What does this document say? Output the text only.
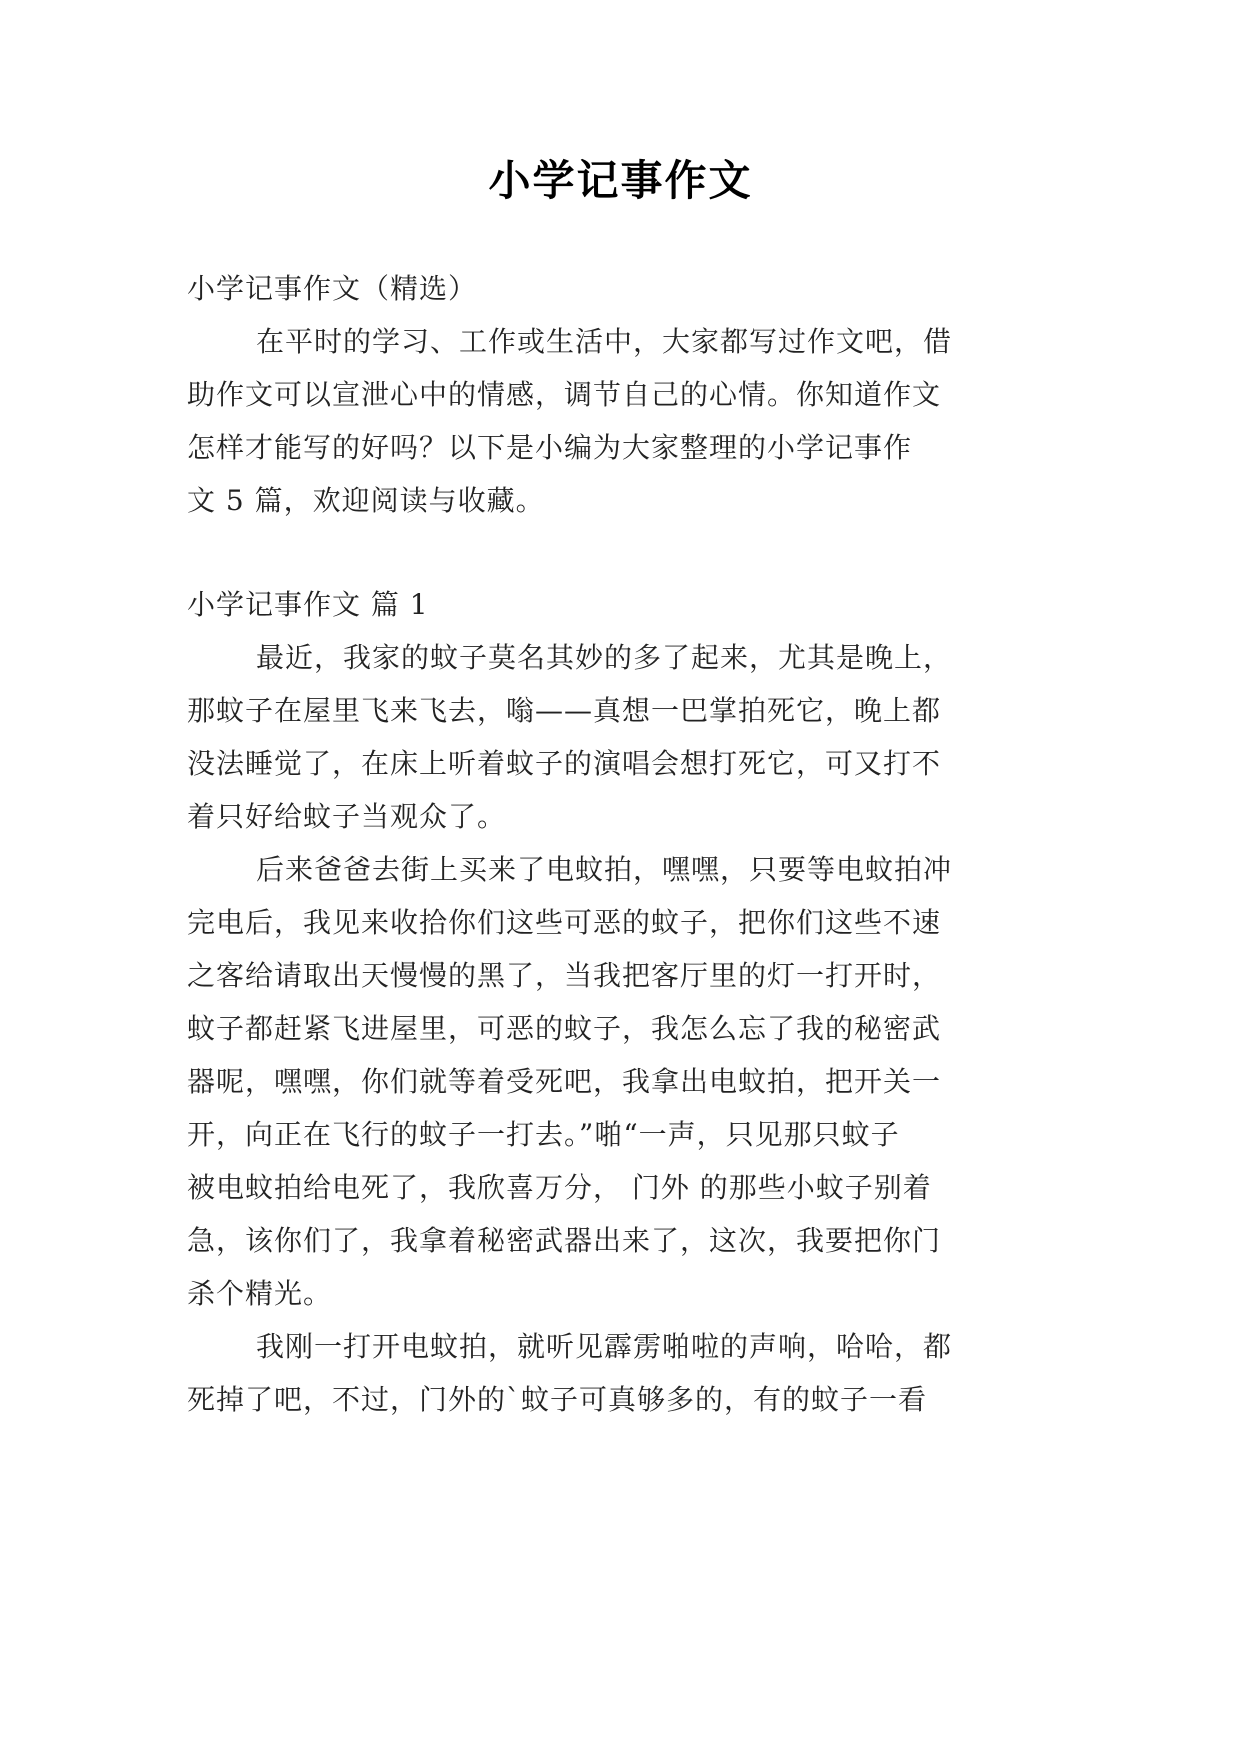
小学记事作文
小学记事作文（精选）
在平时的学习、工作或生活中，大家都写过作文吧，借
助作文可以宣泄心中的情感，调节自己的心情。你知道作文
怎样才能写的好吗？以下是小编为大家整理的小学记事作
文 5 篇，欢迎阅读与收藏。
小学记事作文 篇 1
最近，我家的蚊子莫名其妙的多了起来，尤其是晚上，
那蚊子在屋里飞来飞去，嗡——真想一巴掌拍死它，晚上都
没法睡觉了，在床上听着蚊子的演唱会想打死它，可又打不
着只好给蚊子当观众了。
后来爸爸去街上买来了电蚊拍，嘿嘿，只要等电蚊拍冲
完电后，我见来收拾你们这些可恶的蚊子，把你们这些不速
之客给请取出天慢慢的黑了，当我把客厅里的灯一打开时，
蚊子都赶紧飞进屋里，可恶的蚊子，我怎么忘了我的秘密武
器呢，嘿嘿，你们就等着受死吧，我拿出电蚊拍，把开关一
开，向正在飞行的蚊子一打去。”啪“一声，只见那只蚊子
被电蚊拍给电死了，我欣喜万分， 门外 的那些小蚊子别着
急，该你们了，我拿着秘密武器出来了，这次，我要把你门
杀个精光。
我刚一打开电蚊拍，就听见霹雳啪啦的声响，哈哈，都
死掉了吧，不过，门外的`蚊子可真够多的，有的蚊子一看
